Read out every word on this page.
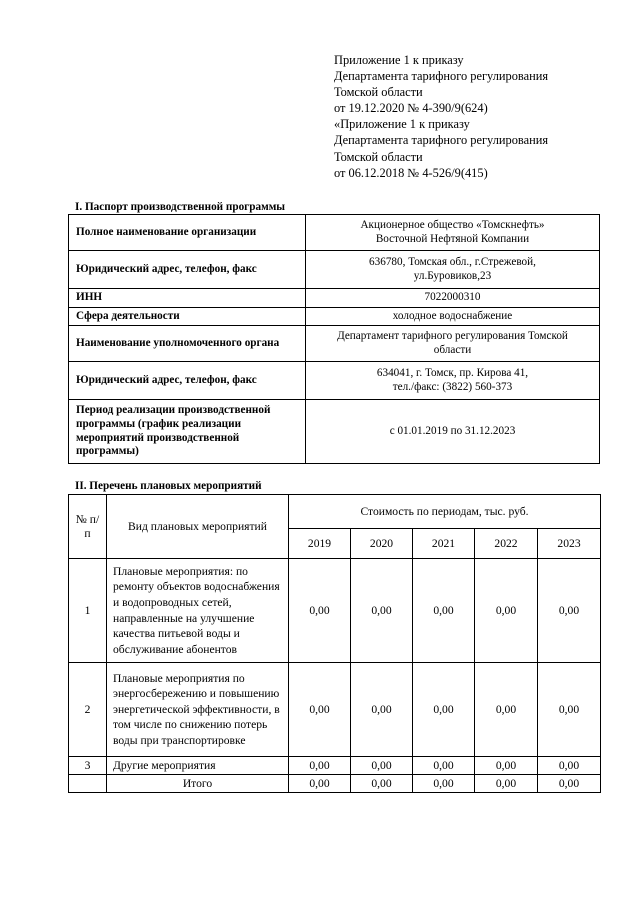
Приложение 1 к приказу
Департамента тарифного регулирования
Томской области
от 19.12.2020 № 4-390/9(624)
«Приложение 1 к приказу
Департамента тарифного регулирования
Томской области
от 06.12.2018 № 4-526/9(415)
I. Паспорт производственной программы
Полное наименование организации	Акционерное общество «Томскнефть»
Восточной Нефтяной Компании

Юридический адрес, телефон, факс	636780, Томская обл., г.Стрежевой,
ул.Буровиков,23

ИНН	7022000310

Сфера деятельности	холодное водоснабжение

Наименование уполномоченного органа	Департамент тарифного регулирования Томской
области

Юридический адрес, телефон, факс	634041, г. Томск, пр. Кирова 41,
тел./факс: (3822) 560-373

Период реализации производственной программы (график реализации мероприятий производственной программы)	с 01.01.2019 по 31.12.2023
II. Перечень плановых мероприятий
№ п/п	Вид плановых мероприятий	Стоимость по периодам, тыс. руб.				
		2019	2020	2021	2022	2023
1	Плановые мероприятия: по ремонту объектов водоснабжения и водопроводных сетей, направленные на улучшение качества питьевой воды и обслуживание абонентов	0,00	0,00	0,00	0,00	0,00
2	Плановые мероприятия по энергосбережению и повышению энергетической эффективности, в том числе по снижению потерь воды при транспортировке	0,00	0,00	0,00	0,00	0,00
3	Другие мероприятия	0,00	0,00	0,00	0,00	0,00
	Итого	0,00	0,00	0,00	0,00	0,00
